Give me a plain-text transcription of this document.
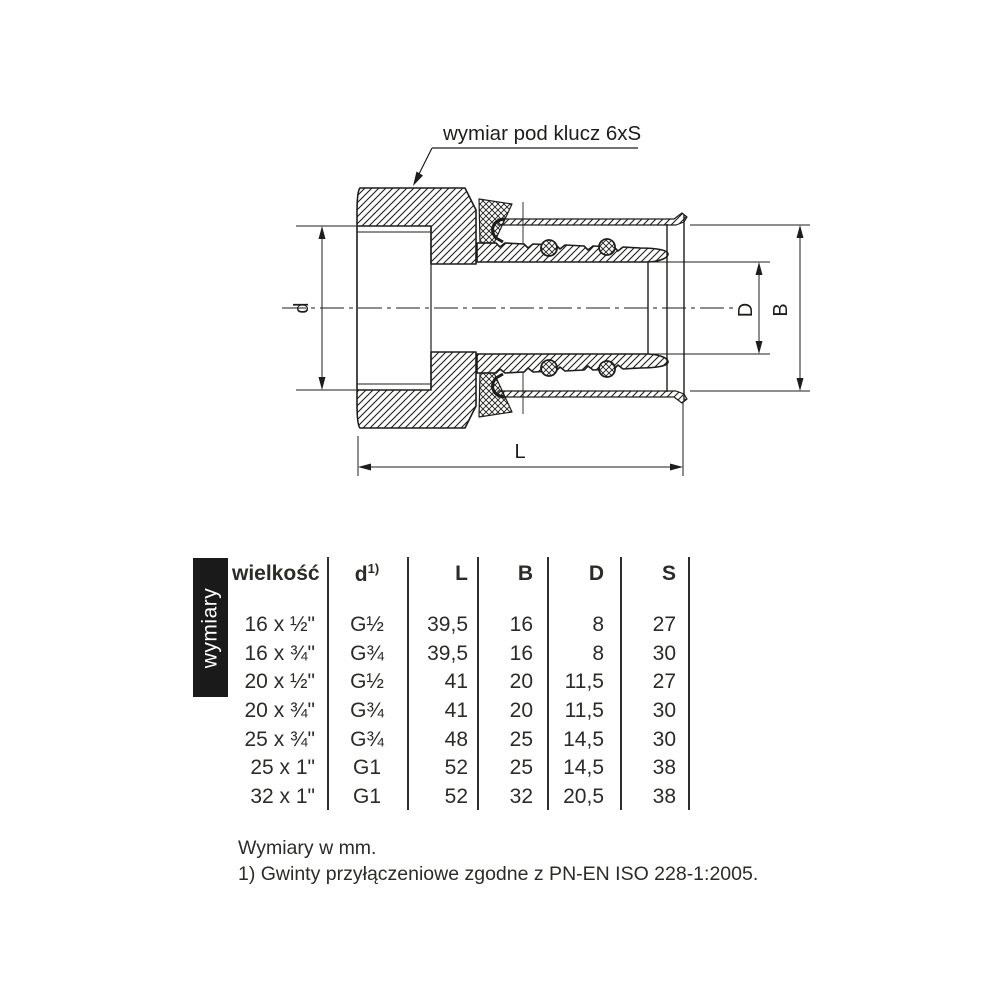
d	D B
L
wymiar pod klucz 6xS
wymiary
wielkość	$d^{1)}$	L	B	D	S
16 x ½"	G½	39,5	16	8	27
16 x ¾"	G¾	39,5	16	8	30
20 x ½"	G½	41	20	11,5	27
20 x ¾"	G¾	41	20	11,5	30
25 x ¾"	G¾	48	25	14,5	30
25 x 1"	G1	52	25	14,5	38
32 x 1"	G1	52	32	20,5	38
Wymiary w mm.
1) Gwinty przyłączeniowe zgodne z PN-EN ISO 228-1:2005.
